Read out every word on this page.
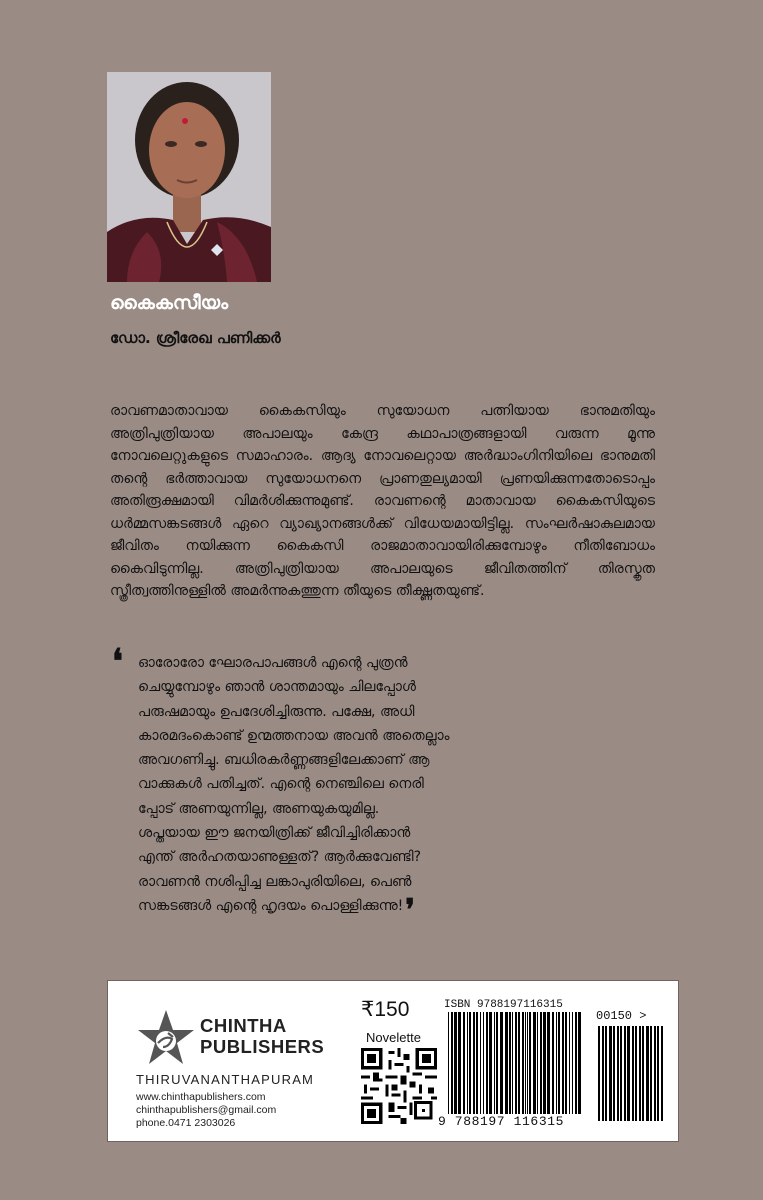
കൈകസീയം
ഡോ. ശ്രീരേഖ പണിക്കർ

രാവണമാതാവായ കൈകസിയും സുയോധന പത്നിയായ ഭാനുമതിയും അത്രിപുത്രിയായ അപാലയും കേന്ദ്ര കഥാപാത്രങ്ങളായി വരുന്ന മൂന്നു നോവലെറ്റുകളുടെ സമാഹാരം. ആദ്യ നോവലെറ്റായ അർദ്ധാംഗിനിയിലെ ഭാനുമതി തന്റെ ഭർത്താവായ സുയോധനനെ പ്രാണതുല്യമായി പ്രണയിക്കുന്നതോടൊപ്പം അതിരൂക്ഷമായി വിമർശിക്കുന്നുമുണ്ട്. രാവണന്റെ മാതാവായ കൈകസിയുടെ ധർമ്മസങ്കടങ്ങൾ ഏറെ വ്യാഖ്യാനങ്ങൾക്ക് വിധേയമായിട്ടില്ല. സംഘർഷാകുലമായ ജീവിതം നയിക്കുന്ന കൈകസി രാജമാതാവായിരിക്കുമ്പോഴും നീതിബോധം കൈവിടുന്നില്ല. അത്രിപുത്രിയായ അപാലയുടെ ജീവിതത്തിന് തിരസ്കൃത സ്ത്രീത്വത്തിനുള്ളിൽ അമർന്നുകത്തുന്ന തീയുടെ തീക്ഷ്ണതയുണ്ട്.

❛ ഓരോരോ ഘോരപാപങ്ങൾ എന്റെ പുത്രൻ
ചെയ്യുമ്പോഴും ഞാൻ ശാന്തമായും ചിലപ്പോൾ
പരുഷമായും ഉപദേശിച്ചിരുന്നു. പക്ഷേ, അധി
കാരമദംകൊണ്ട് ഉന്മത്തനായ അവൻ അതെല്ലാം
അവഗണിച്ചു. ബധിരകർണ്ണങ്ങളിലേക്കാണ് ആ
വാക്കുകൾ പതിച്ചത്. എന്റെ നെഞ്ചിലെ നെരി
പ്പോട് അണയുന്നില്ല, അണയുകയുമില്ല.
ശപ്തയായ ഈ ജനയിത്രിക്ക് ജീവിച്ചിരിക്കാൻ
എന്ത് അർഹതയാണുള്ളത്? ആർക്കുവേണ്ടി?
രാവണൻ നശിപ്പിച്ച ലങ്കാപുരിയിലെ, പെൺ
സങ്കടങ്ങൾ എന്റെ ഹൃദയം പൊള്ളിക്കുന്നു!❜
CHINTHA
PUBLISHERS
THIRUVANANTHAPURAM
www.chinthapublishers.com
chinthapublishers@gmail.com
phone.0471 2303026
₹150
Novelette
ISBN 9788197116315
9 788197 116315
00150 >
